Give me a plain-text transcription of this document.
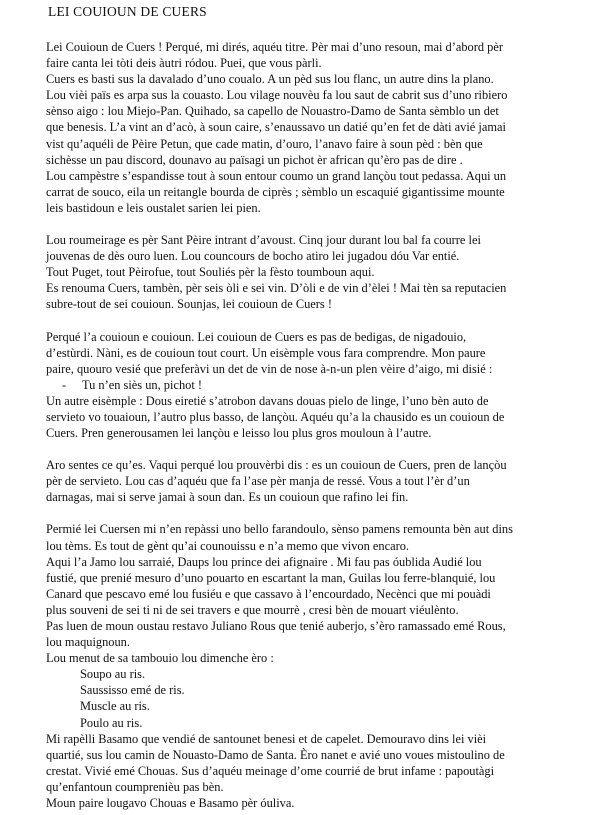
LEI COUIOUN DE CUERS
Lei Couioun de Cuers ! Perqué, mi dirés, aquéu titre. Pèr mai d’uno resoun, mai d’abord pèr
faire canta lei tòti deis àutri ródou. Puei, que vous pàrli.
Cuers es basti sus la davalado d’uno coualo. A un pèd sus lou flanc, un autre dins la plano.
Lou vièi païs es arpa sus la couasto. Lou vilage nouvèu fa lou saut de cabrit sus d’uno ribiero
sènso aigo : lou Miejo-Pan. Quihado, sa capello de Nouastro-Damo de Santa sèmblo un det
que benesis. L’a vint an d’acò, à soun caire, s’enaussavo un datié qu’en fet de dàti avié jamai
vist qu’aquéli de Pèire Petun, que cade matin, d’ouro, l’anavo faire à soun pèd : bèn que
sichèsse un pau discord, dounavo au païsagi un pichot èr african qu’èro pas de dire .
Lou campèstre s’espandisse tout à soun entour coumo un grand lançòu tout pedassa. Aqui un
carrat de souco, eila un reitangle bourda de ciprès ; sèmblo un escaquié gigantissime mounte
leis bastidoun e leis oustalet sarien lei pien.
Lou roumeirage es pèr Sant Pèire intrant d’avoust. Cinq jour durant lou bal fa courre lei
jouvenas de dès ouro luen. Lou councours de bocho atiro lei jugadou dóu Var entié.
Tout Puget, tout Pèirofue, tout Souliés pèr la fèsto toumboun aqui.
Es renouma Cuers, tambèn, pèr seis òli e sei vin. D’òli e de vin d’èlei ! Mai tèn sa reputacien
subre-tout de sei couioun. Sounjas, lei couioun de Cuers !
Perqué l’a couioun e couioun. Lei couioun de Cuers es pas de bedigas, de nigadouio,
d’estùrdi. Nàni, es de couioun tout court. Un eisèmple vous fara comprendre. Mon paure
paire, quouro vesié que preferàvi un det de vin de nose à-n-un plen vèire d’aigo, mi disié :
- Tu n’en siès un, pichot !
Un autre eisèmple : Dous eiretié s’atrobon davans douas pielo de linge, l’uno bèn auto de
servieto vo touaioun, l’autro plus basso, de lançòu. Aquéu qu’a la chausido es un couioun de
Cuers. Pren generousamen lei lançòu e leisso lou plus gros mouloun à l’autre.
Aro sentes ce qu’es. Vaqui perqué lou prouvèrbi dis : es un couioun de Cuers, pren de lançòu
pèr de servieto. Lou cas d’aquéu que fa l’ase pèr manja de ressé. Vous a tout l’èr d’un
darnagas, mai si serve jamai à soun dan. Es un couioun que rafino lei fin.
Permié lei Cuersen mi n’en repàssi uno bello farandoulo, sènso pamens remounta bèn aut dins
lou tèms. Es tout de gènt qu’ai counouissu e n’a memo que vivon encaro.
Aqui l’a Jamo lou sarraié, Daups lou prince dei afignaire . Mi fau pas óublida Audié lou
fustié, que prenié mesuro d’uno pouarto en escartant la man, Guilas lou ferre-blanquié, lou
Canard que pescavo emé lou fusiéu e que cassavo à l’encourdado, Necènci que mi pouàdi
plus souveni de sei ti ni de sei travers e que mourrè , cresi bèn de mouart viéulènto.
Pas luen de moun oustau restavo Juliano Rous que tenié auberjo, s’èro ramassado emé Rous,
lou maquignoun.
Lou menut de sa tambouio lou dimenche èro :
Soupo au ris.
Saussisso emé de ris.
Muscle au ris.
Poulo au ris.
Mi rapèlli Basamo que vendié de santounet benesi et de capelet. Demouravo dins lei vièi
quartié, sus lou camin de Nouasto-Damo de Santa. Èro nanet e avié uno voues mistoulino de
crestat. Vivié emé Chouas. Sus d’aquéu meinage d’ome courrié de brut infame : papoutàgi
qu’enfantoun coumprenièu pas bèn.
Moun paire lougavo Chouas e Basamo pèr óuliva.
